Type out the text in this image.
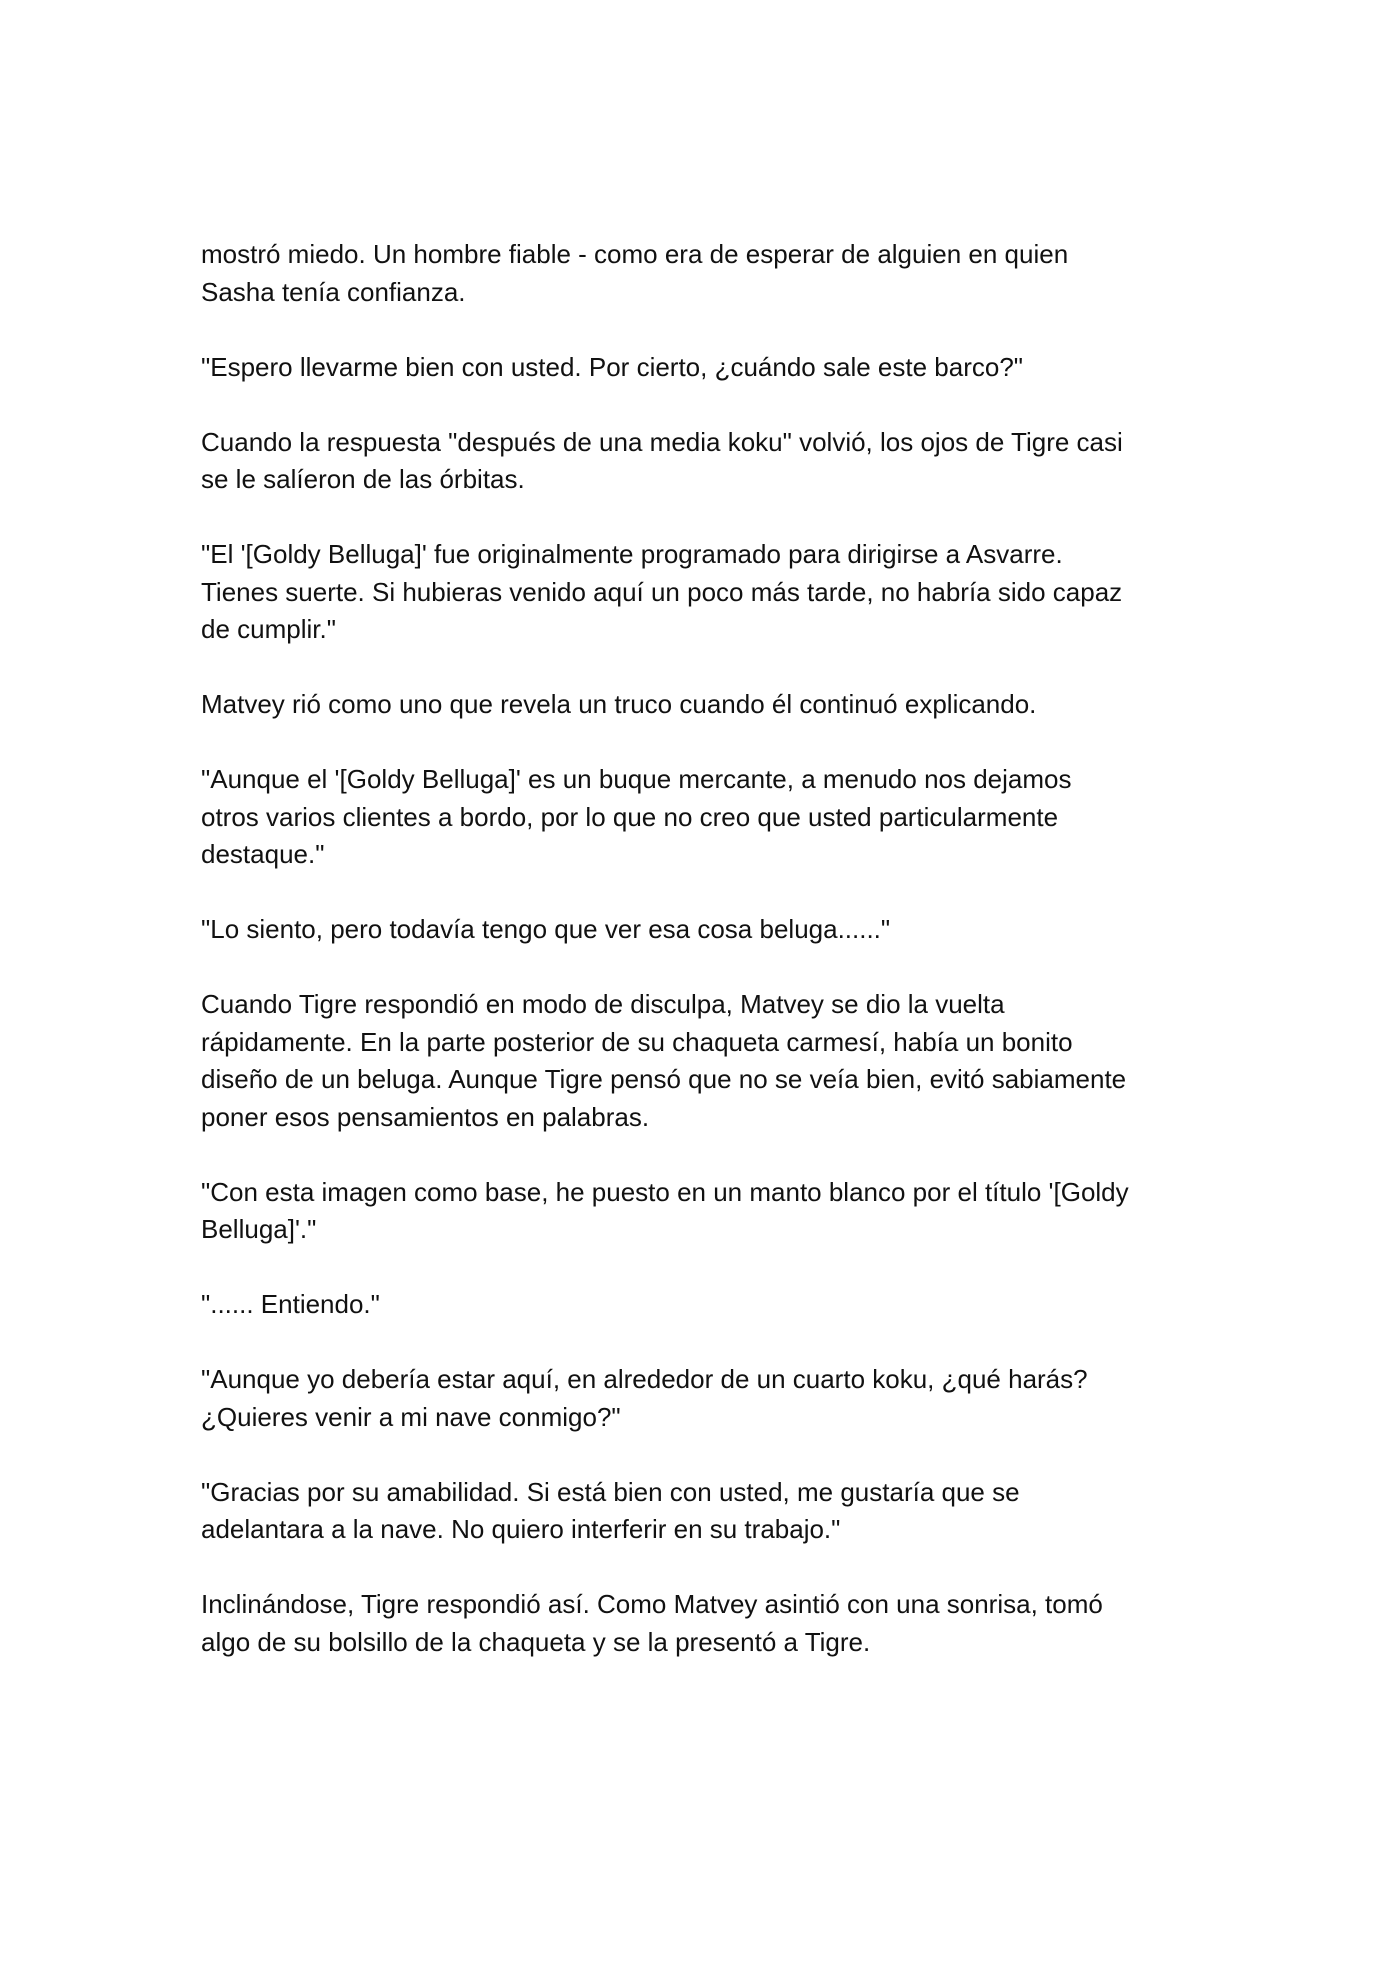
mostró miedo. Un hombre fiable - como era de esperar de alguien en quien
Sasha tenía confianza.

"Espero llevarme bien con usted. Por cierto, ¿cuándo sale este barco?"

Cuando la respuesta "después de una media koku" volvió, los ojos de Tigre casi
se le salíeron de las órbitas.

"El '[Goldy Belluga]' fue originalmente programado para dirigirse a Asvarre.
Tienes suerte. Si hubieras venido aquí un poco más tarde, no habría sido capaz
de cumplir."

Matvey rió como uno que revela un truco cuando él continuó explicando.

"Aunque el '[Goldy Belluga]' es un buque mercante, a menudo nos dejamos
otros varios clientes a bordo, por lo que no creo que usted particularmente
destaque."

"Lo siento, pero todavía tengo que ver esa cosa beluga......"

Cuando Tigre respondió en modo de disculpa, Matvey se dio la vuelta
rápidamente. En la parte posterior de su chaqueta carmesí, había un bonito
diseño de un beluga. Aunque Tigre pensó que no se veía bien, evitó sabiamente
poner esos pensamientos en palabras.

"Con esta imagen como base, he puesto en un manto blanco por el título '[Goldy
Belluga]'."

"...... Entiendo."

"Aunque yo debería estar aquí, en alrededor de un cuarto koku, ¿qué harás?
¿Quieres venir a mi nave conmigo?"

"Gracias por su amabilidad. Si está bien con usted, me gustaría que se
adelantara a la nave. No quiero interferir en su trabajo."

Inclinándose, Tigre respondió así. Como Matvey asintió con una sonrisa, tomó
algo de su bolsillo de la chaqueta y se la presentó a Tigre.
